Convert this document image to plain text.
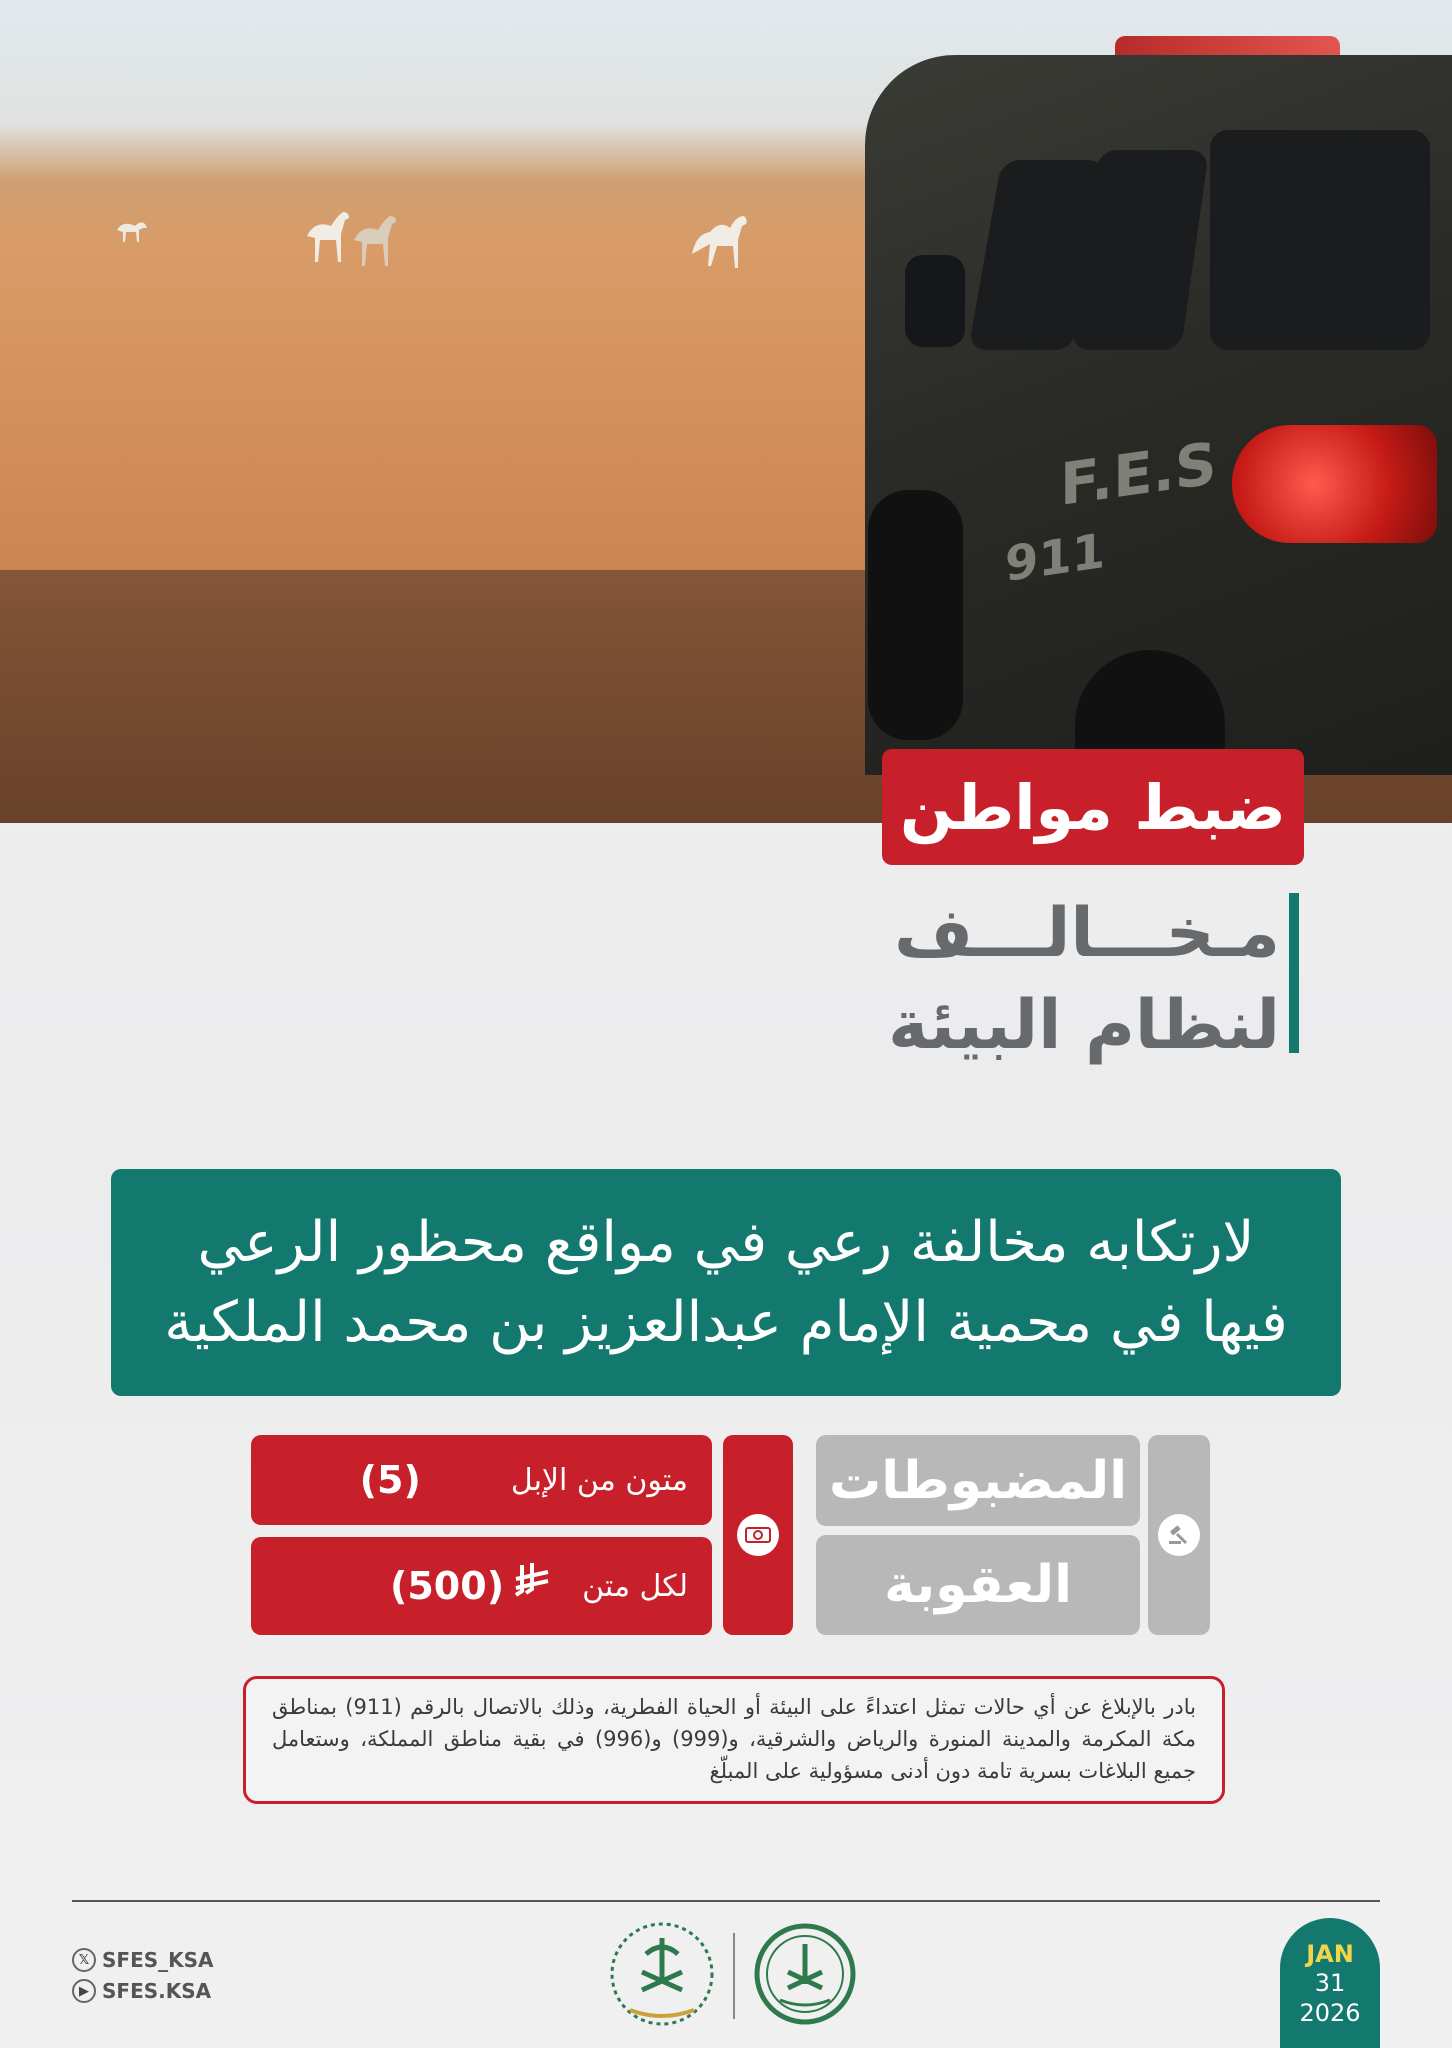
F.E.S
911
ضبط مواطن
مـخـــالـــف
لنظام البيئة
لارتكابه مخالفة رعي في مواقع محظور الرعي
فيها في محمية الإمام عبدالعزيز بن محمد الملكية
المضبوطات
العقوبة
متون من الإبل
(5)
لكل متن
(500)
بادر بالإبلاغ عن أي حالات تمثل اعتداءً على البيئة أو الحياة الفطرية، وذلك بالاتصال بالرقم (911) بمناطق مكة المكرمة والمدينة المنورة والرياض والشرقية، و(999) و(996) في بقية مناطق المملكة، وستعامل جميع البلاغات بسرية تامة دون أدنى مسؤولية على المبلّغ
𝕏 SFES_KSA
▶ SFES.KSA
JAN
31
2026
